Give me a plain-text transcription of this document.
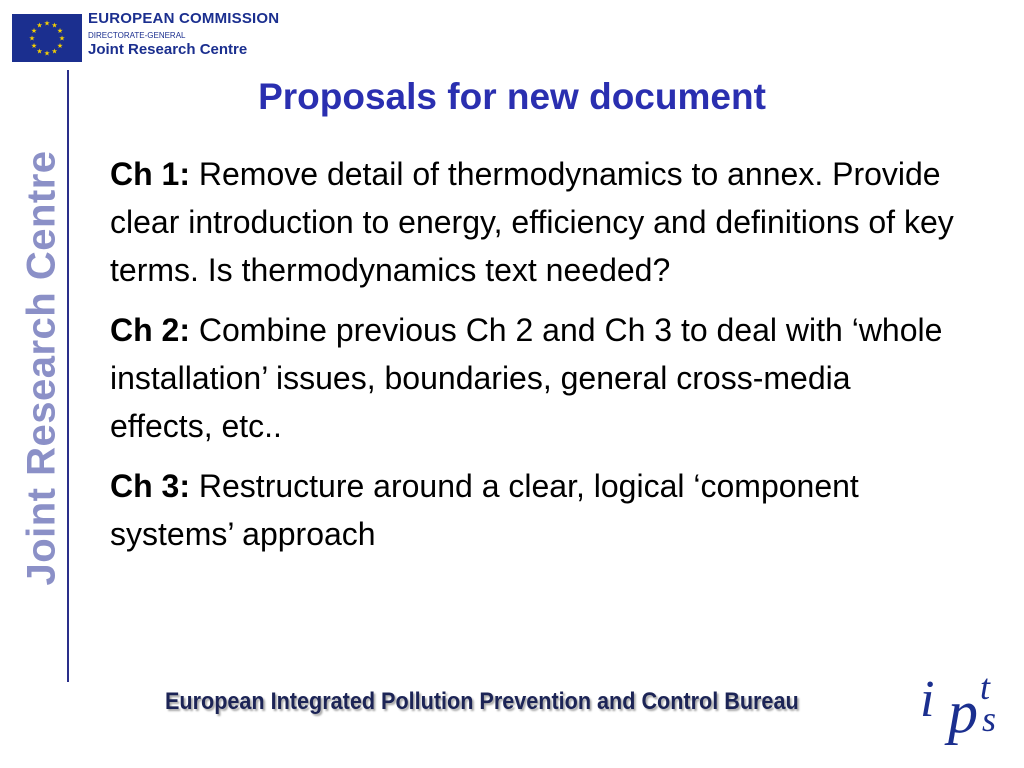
★ ★
★
★
★
★
★
★
★
★
★
★	EUROPEAN COMMISSION
DIRECTORATE-GENERAL
Joint Research Centre
Joint Research Centre
Proposals for new document

Ch 1: Remove detail of thermodynamics to annex. Provide clear introduction to energy, efficiency and definitions of key terms. Is thermodynamics text needed?

Ch 2: Combine previous Ch 2 and Ch 3 to deal with ‘whole installation’ issues, boundaries, general cross-media effects, etc..

Ch 3: Restructure around a clear, logical ‘component systems’ approach

European Integrated Pollution Prevention and Control Bureau i p t
s
